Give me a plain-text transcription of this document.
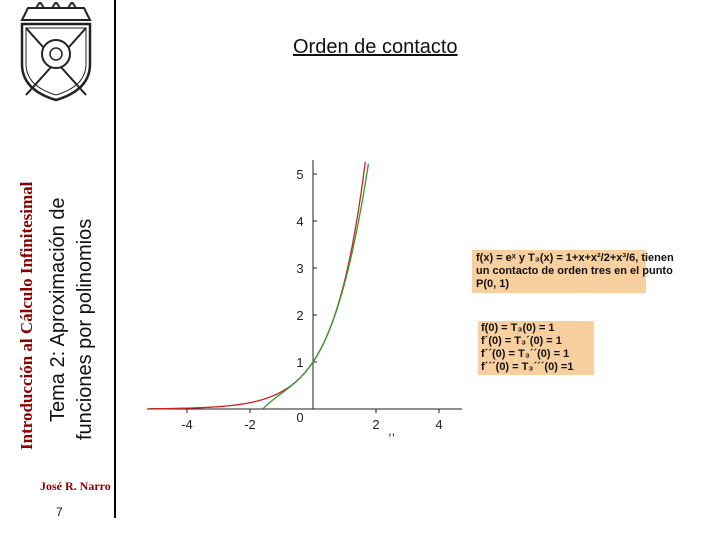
Introducción al Cálculo Infinitesimal Tema 2: Aproximación de funciones por polinomios
José R. Narro
7
Orden de contacto
-4	-2	2	4
0
1
2
3
4
5
,,
f(x) = eˣ y T₃(x) = 1+x+x²/2+x³/6, tienen
un contacto de orden tres en el punto
P(0, 1)
f(0) = T₃(0) = 1
f´(0) = T₃´(0) = 1
f´´(0) = T₃´´(0) = 1
f´´´(0) = T₃´´´(0) =1
